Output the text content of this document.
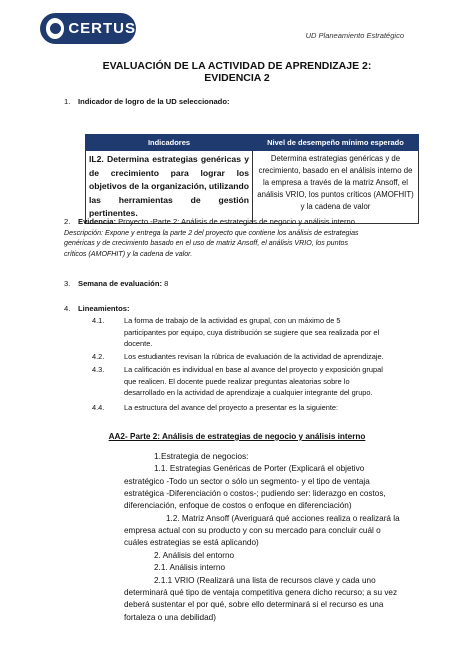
CERTUS	UD Planeamiento Estratégico
EVALUACIÓN DE LA ACTIVIDAD DE APRENDIZAJE 2:
EVIDENCIA 2
1. Indicador de logro de la UD seleccionado:
Indicadores	Nivel de desempeño mínimo esperado
IL2. Determina estrategias genéricas y de crecimiento para lograr los objetivos de la organización, utilizando las herramientas de gestión pertinentes.	Determina estrategias genéricas y de crecimiento, basado en el análisis interno de la empresa a través de la matriz Ansoff, el análisis VRIO, los puntos críticos (AMOFHIT) y la cadena de valor
2. Evidencia: Proyecto -Parte 2: Análisis de estrategias de negocio y análisis interno
Descripción: Expone y entrega la parte 2 del proyecto que contiene los análisis de estrategias
genéricas y de crecimiento basado en el uso de matriz Ansoff, el análisis VRIO, los puntos
críticos (AMOFHIT) y la cadena de valor.
3. Semana de evaluación: 8
4. Lineamientos:
4.1.	La forma de trabajo de la actividad es grupal, con un máximo de 5
participantes por equipo, cuya distribución se sugiere que sea realizada por el
docente.
4.2.	Los estudiantes revisan la rúbrica de evaluación de la actividad de aprendizaje.
4.3.	La calificación es individual en base al avance del proyecto y exposición grupal
que realicen. El docente puede realizar preguntas aleatorias sobre lo
desarrollado en la actividad de aprendizaje a cualquier integrante del grupo.
4.4.	La estructura del avance del proyecto a presentar es la siguiente:
AA2- Parte 2: Análisis de estrategias de negocio y análisis interno
1.Estrategia de negocios:
1.1. Estrategias Genéricas de Porter (Explicará el objetivo
estratégico -Todo un sector o sólo un segmento- y el tipo de ventaja
estratégica -Diferenciación o costos-; pudiendo ser: liderazgo en costos,
diferenciación, enfoque de costos o enfoque en diferenciación)
1.2. Matriz Ansoff (Averiguará qué acciones realiza o realizará la
empresa actual con su producto y con su mercado para concluir cuál o
cuáles estrategias se está aplicando)
2. Análisis del entorno
2.1. Análisis interno
2.1.1 VRIO (Realizará una lista de recursos clave y cada uno
determinará qué tipo de ventaja competitiva genera dicho recurso; a su vez
deberá sustentar el por qué, sobre ello determinará si el recurso es una
fortaleza o una debilidad)
